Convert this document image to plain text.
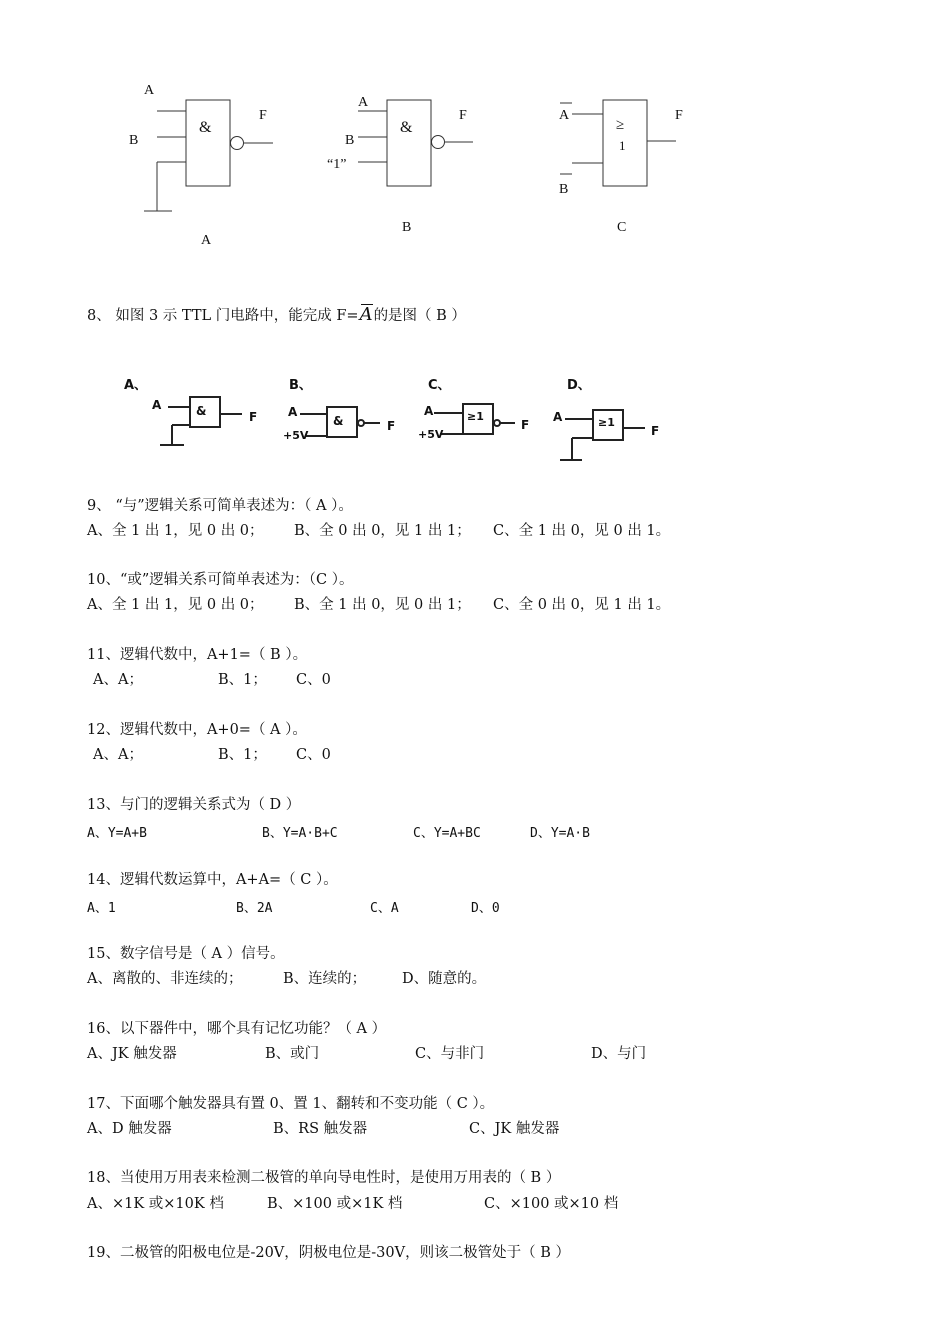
A
B
&
F
A
A
B
“1”
&
F
B
A
B
≥
1
F
C
8、 如图 3 示 TTL 门电路中，能完成 F=
A的是图（ B ）
A、
A	&	F
B、
A
+5V
&	F
C、
A
+5V
≥1
F
D、
A	≥1
F
9、 “与”逻辑关系可简单表述为：（ A ）。
A、全 1 出 1，见 0 出 0； B、全 0 出 0，见 1 出 1； C、全 1 出 0，见 0 出 1。
10、“或”逻辑关系可简单表述为：（C ）。
A、全 1 出 1，见 0 出 0； B、全 1 出 0，见 0 出 1； C、全 0 出 0，见 1 出 1。
11、逻辑代数中，A+1=（ B ）。
A、A；	B、1； C、0
12、逻辑代数中，A+0=（ A ）。
A、A；	B、1； C、0
13、与门的逻辑关系式为（ D ）
A、Y=A+B	B、Y=A·B+C	C、Y=A+BC	D、Y=A·B
14、逻辑代数运算中，A+A=（ C ）。
A、1	B、2A	C、A	D、0
15、数字信号是（ A ）信号。
A、离散的、非连续的；	B、连续的； D、随意的。
16、以下器件中，哪个具有记忆功能？（ A ）
A、JK 触发器	B、或门	C、与非门	D、与门
17、下面哪个触发器具有置 0、置 1、翻转和不变功能（ C ）。
A、D 触发器	B、RS 触发器	C、JK 触发器
18、当使用万用表来检测二极管的单向导电性时，是使用万用表的（ B ）
A、×1K 或×10K 档	B、×100 或×1K 档	C、×100 或×10 档
19、二极管的阳极电位是-20V，阴极电位是-30V，则该二极管处于（ B ）
